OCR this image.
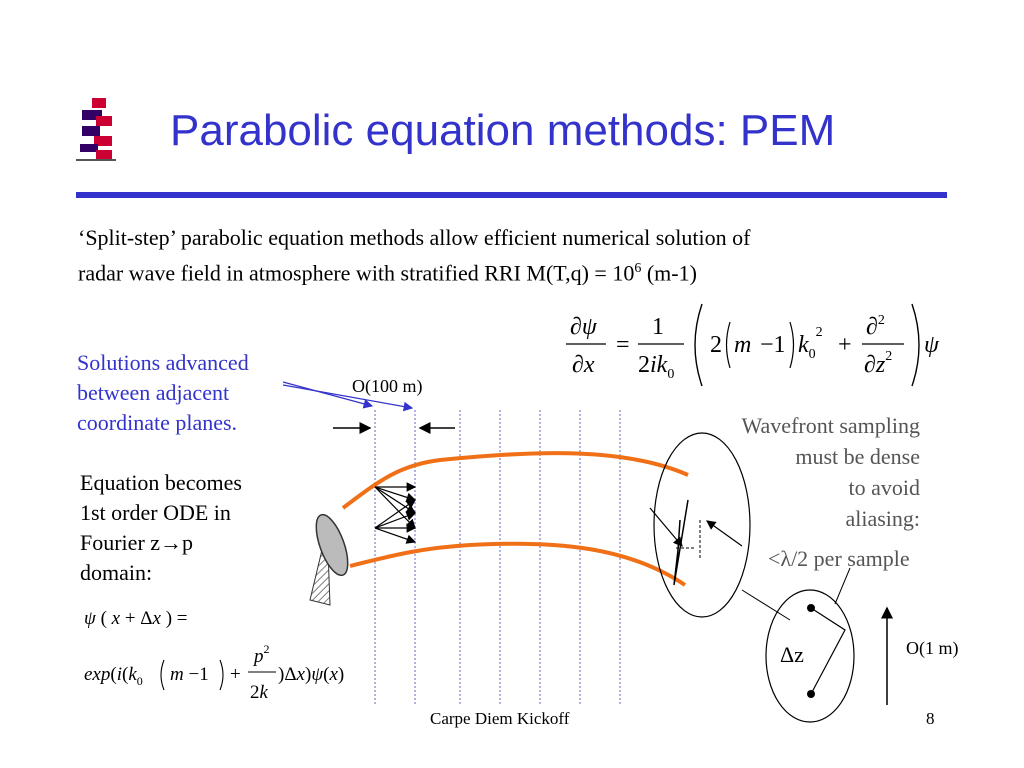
Parabolic equation methods: PEM
‘Split-step’ parabolic equation methods allow efficient numerical solution of
radar wave field in atmosphere with stratified RRI $M(T,q) = 10^6$ (m-1)
∂ψ
∂x
=
1
$2ik_0$
2 m −1 $k_0^2$ +
∂$^2$
$\partial z^2$ ψ
Solutions advanced
between adjacent
coordinate planes.
Equation becomes
1st order ODE in
Fourier z→p
domain:
ψ ( x + Δx ) =
$\exp(i(k_0$ m −1 +
$p^2$
2k
)Δx)ψ(x)
O(100 m)
Wavefront sampling
must be dense
to avoid
aliasing:
<λ/2 per sample
Δz	O(1 m)
Carpe Diem Kickoff	8
